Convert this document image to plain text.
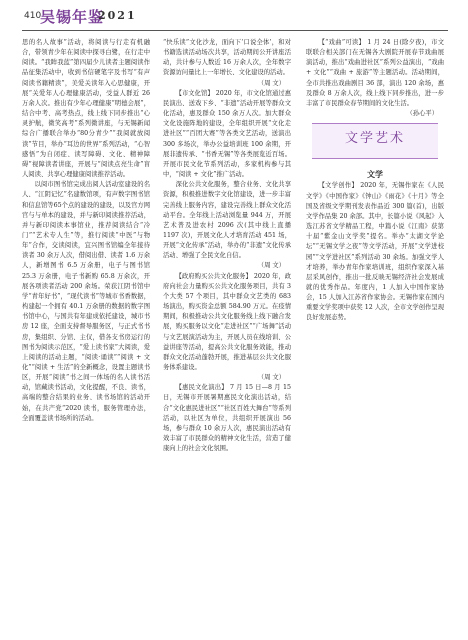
410
吴锡年鉴
2021

思的名人故事”活动，将阅读与行走有机融合，带领青少年在阅读中探寻白鹭，在行走中阅读。“我眸我蓝”第四届少儿读者主题阅读作品征集活动中，收到书信硬笔字及书写“有声阅读书籍精读”，美爱关读年入心思健康，开展“关爱年人心理健康活动，受益人群近 26 万余人次。推出有少年心理健康“明德会展”，结合中考、高考热点，线上线下同步推出“心灵护航，微笑高考”系列微讲座，与无锡新闻综合广播联合举办“80分青少”“我阅就放阅读”节目，举办“耳边的世界”系列活动，“心智感悟”为自闭症、读写障碍、文化、精神障碍”视障读者讲座，开展与“阅读点亮生命”盲人阅读、共享心理健康阅读推荐活动。

以阅市图书馆完成出阅人活动室建设的名人、“江阴记忆”名建数馆项，有声数字图书馆和信息馆等65个点的建设的建设，以及官方网官与与单本的建设，并与新印阅读推荐活动，并与新印阅读本事馆业，推荐阅读结合“冷门”“艺术专人生”等，推行阅读“中医”与物年”合作，交读阅读，宜兴图书馆编全年接待读者 30 余万人次，借阅出借、读者 1.6 万余人，新增图书 6.5 万余册，电子与图书馆 25.3 万余册，电子书新购 65.8 万余次，开展各项读者活动 200 余场。荣获江阴书馆中学“青年好书”，“现代读书”等城市书香数据，构建起一个拥有 40.1 万余册的数据的数字图书馆中心，与国共有年建成依托建设，城市书房 12 座，全面支持督导服务区，与正式书书房，集组织、分馆、主仅，借各支书房运行的图书为阅读示范区，“爱上读书家”大阅读，爱上阅读的活动主题，“阅读·诵读”“阅读 + 文化”“阅读 + 生活”的全新概念，设置主题读书区，开展“阅读”书之间一体场的名人读书活动，馆藏读书活动，文化提醒，不良、读书，高端的整合结果的业务、读书场馆的活动开始，在共产党“2020 读书，服务管理办法，全面覆盖读书场所的活动。

“快乐读”文化沙龙，面向下‘口说全体’，和对书籍选读活动场次共享，活动期间公开讲座活动，共计参与人数近 16 万余人次，全年数字资源访问量比上一年增长、文化建设的活动。

（周 文）

【市文化馆】 2020 年，市文化馆通过惠民演出、送戏下乡、“非遗”活动开展等群众文化活动，惠及群众 150 余万人次。加大群众文化设施阵地的建设，全年组织开展“文化走进社区”“百团大赛”等各类文艺活动，送演出 300 多场次，举办公益培训班 100 余期，开展非遗传承、“书香无锡”等各类展览近百场。开展市民文化节系列活动，多家机构参与其中，“阅读 + 文化”推广活动。

深化公共文化服务，整合业务、文化共享资源，积极推进数字文化馆建设，进一步丰富完善线上服务内容，建设完善线上群众文化活动平台。全年线上活动浏览量 944 万，开展艺术普及进农村 2096 次(其中线上直播 1197 次)，开展文化人才培育活动 451 场，开展“文化传承”活动，举办的“非遗”文化传承活动、增强了全民文化自信。

（周 文）

【政府购买公共文化服务】 2020 年，政府向社会力量购买公共文化服务项目，共有 3 个大类 57 个项目，其中群众文艺类的 683 场演出，购买资金总额 584.90 万元。在疫情期间，积极推动公共文化服务线上线下融合发展，购买服务以文化“走进社区”“广场舞”活动与文艺展演活动为主，开展人员在线培训、公益讲座等活动，提高公共文化服务效能，推动群众文化活动蓬勃开展，推进基层公共文化服务体系建设。

（周 文）

【惠民文化演出】 7 月 15 日—8 月 15 日，无锡市开展暑期惠民文化演出活动，结合“文化惠民进社区”“社区百姓大舞台”等系列活动，以社区为单位，共组织开展演出 56 场，参与群众 10 余万人次，惠民演出活动有效丰富了市民群众的精神文化生活，营造了健康向上的社会文化氛围。

【“戏曲”可读】 1 月 24 日(除夕夜)，市文联联合相关部门在无锡各大剧院开展春节戏曲展演活动，推出“戏曲进社区”系列公益演出，“戏曲 + 文化”“戏曲 + 旅游”等主题活动。活动期间，全市共推出戏曲剧目 36 部，演出 120 余场，惠及群众 8 万余人次，线上线下同步推出，进一步丰富了市民群众春节期间的文化生活。

（孙心平）

文学艺术
文学

【文学创作】 2020 年，无锡作家在《人民文学》《中国作家》《钟山》《雨花》《十月》等全国及省级文学期刊发表作品近 300 篇(首)，出版文学作品集 20 余部。其中，长篇小说《风起》入选江苏省文学精品工程，中篇小说《江南》获第十届“紫金山文学奖”提名。举办“太湖文学论坛”“无锡文学之夜”等文学活动，开展“文学进校园”“文学进社区”系列活动 30 余场。加强文学人才培养，举办青年作家培训班，组织作家深入基层采风创作，推出一批反映无锡经济社会发展成就的优秀作品。年度内，1 人加入中国作家协会，15 人加入江苏省作家协会。无锡作家在国内重要文学奖项中获奖 12 人次，全市文学创作呈现良好发展态势。
